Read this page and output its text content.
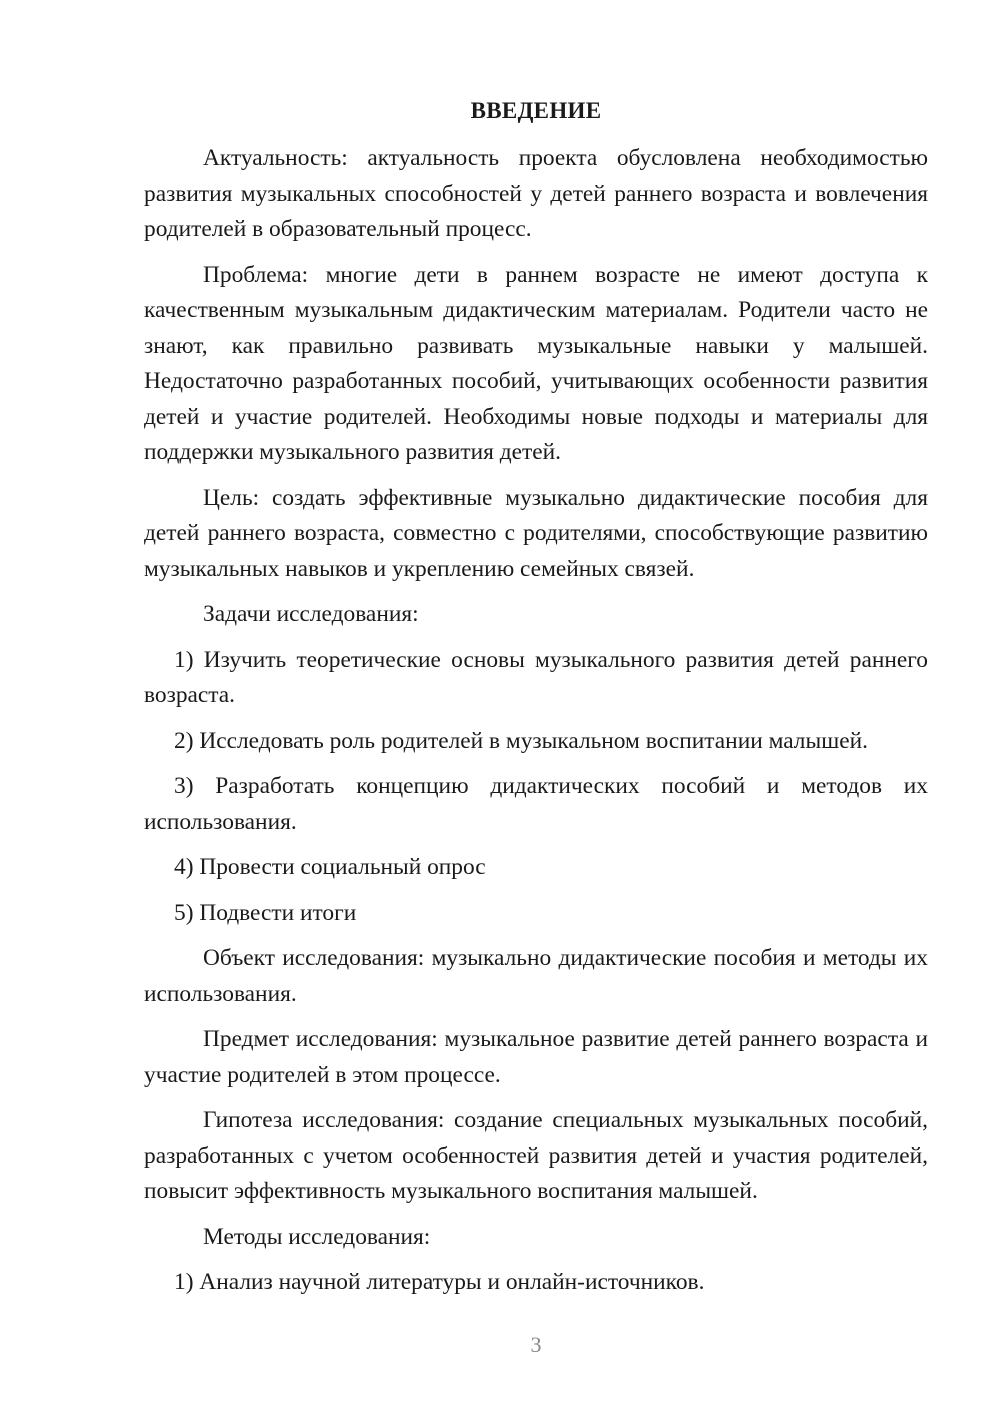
ВВЕДЕНИЕ

Актуальность: актуальность проекта обусловлена необходимостью развития музыкальных способностей у детей раннего возраста и вовлечения родителей в образовательный процесс.

Проблема: многие дети в раннем возрасте не имеют доступа к качественным музыкальным дидактическим материалам. Родители часто не знают, как правильно развивать музыкальные навыки у малышей. Недостаточно разработанных пособий, учитывающих особенности развития детей и участие родителей. Необходимы новые подходы и материалы для поддержки музыкального развития детей.

Цель: создать эффективные музыкально дидактические пособия для детей раннего возраста, совместно с родителями, способствующие развитию музыкальных навыков и укреплению семейных связей.

Задачи исследования:

1) Изучить теоретические основы музыкального развития детей раннего возраста.

2) Исследовать роль родителей в музыкальном воспитании малышей.

3) Разработать концепцию дидактических пособий и методов их использования.

4) Провести социальный опрос

5) Подвести итоги

Объект исследования: музыкально дидактические пособия и методы их использования.

Предмет исследования: музыкальное развитие детей раннего возраста и участие родителей в этом процессе.

Гипотеза исследования: создание специальных музыкальных пособий, разработанных с учетом особенностей развития детей и участия родителей, повысит эффективность музыкального воспитания малышей.

Методы исследования:

1) Анализ научной литературы и онлайн-источников.

3
